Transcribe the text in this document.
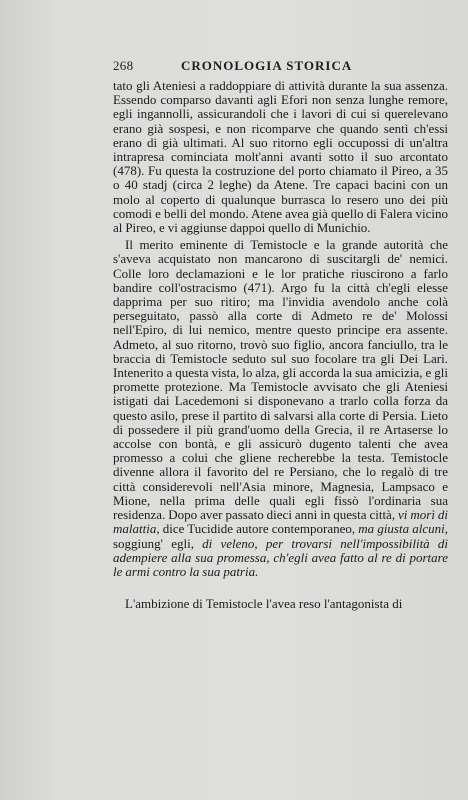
268	CRONOLOGIA STORICA

tato gli Ateniesi a raddoppiare di attività durante la sua assenza. Essendo comparso davanti agli Efori non senza lunghe remore, egli ingannolli, assicurandoli che i lavori di cui si querelevano erano già sospesi, e non ricomparve che quando sentì ch'essi erano di già ultimati. Al suo ritorno egli occupossi di un'altra intrapresa cominciata molt'anni avanti sotto il suo arcontato (478). Fu questa la costruzione del porto chiamato il Pireo, a 35 o 40 stadj (circa 2 leghe) da Atene. Tre capaci bacini con un molo al coperto di qualunque burrasca lo resero uno dei più comodi e belli del mondo. Atene avea già quello di Falera vicino al Pireo, e vi aggiunse dappoi quello di Munichio.

Il merito eminente di Temistocle e la grande autorità che s'aveva acquistato non mancarono di suscitargli de' nemici. Colle loro declamazioni e le lor pratiche riuscirono a farlo bandire coll'ostracismo (471). Argo fu la città ch'egli elesse dapprima per suo ritiro; ma l'invidia avendolo anche colà perseguitato, passò alla corte di Admeto re de' Molossi nell'Epiro, di lui nemico, mentre questo principe era assente. Admeto, al suo ritorno, trovò suo figlio, ancora fanciullo, tra le braccia di Temistocle seduto sul suo focolare tra gli Dei Lari. Intenerito a questa vista, lo alza, gli accorda la sua amicizia, e gli promette protezione. Ma Temistocle avvisato che gli Ateniesi istigati dai Lacedemoni si disponevano a trarlo colla forza da questo asilo, prese il partito di salvarsi alla corte di Persia. Lieto di possedere il più grand'uomo della Grecia, il re Artaserse lo accolse con bontà, e gli assicurò dugento talenti che avea promesso a colui che gliene recherebbe la testa. Temistocle divenne allora il favorito del re Persiano, che lo regalò di tre città considerevoli nell'Asia minore, Magnesia, Lampsaco e Mione, nella prima delle quali egli fissò l'ordinaria sua residenza. Dopo aver passato dieci anni in questa città, vi morì di malattia, dice Tucidide autore contemporaneo, ma giusta alcuni, soggiung' egli, di veleno, per trovarsi nell'impossibilità di adempiere alla sua promessa, ch'egli avea fatto al re di portare le armi contro la sua patria.

L'ambizione di Temistocle l'avea reso l'antagonista di
